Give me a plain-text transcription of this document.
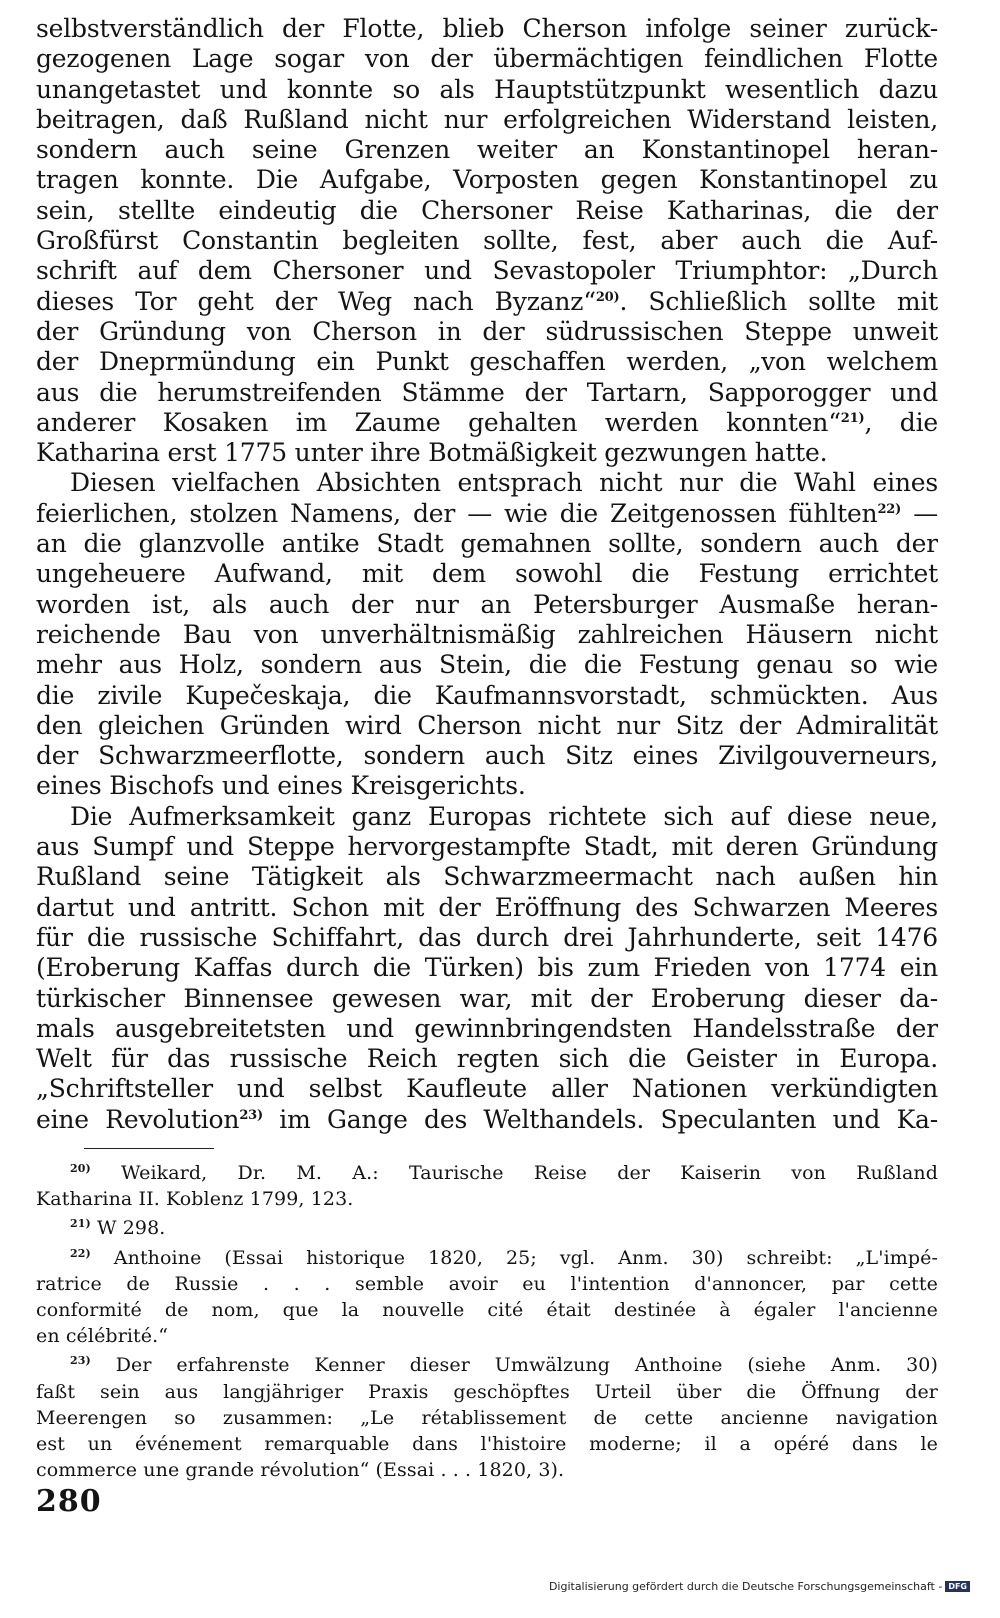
selbstverständlich der Flotte, blieb Cherson infolge seiner zurück-
gezogenen Lage sogar von der übermächtigen feindlichen Flotte
unangetastet und konnte so als Hauptstützpunkt wesentlich dazu
beitragen, daß Rußland nicht nur erfolgreichen Widerstand leisten,
sondern auch seine Grenzen weiter an Konstantinopel heran-
tragen konnte. Die Aufgabe, Vorposten gegen Konstantinopel zu
sein, stellte eindeutig die Chersoner Reise Katharinas, die der
Großfürst Constantin begleiten sollte, fest, aber auch die Auf-
schrift auf dem Chersoner und Sevastopoler Triumphtor: „Durch
dieses Tor geht der Weg nach Byzanz“$^{20)}$. Schließlich sollte mit
der Gründung von Cherson in der südrussischen Steppe unweit
der Dneprmündung ein Punkt geschaffen werden, „von welchem
aus die herumstreifenden Stämme der Tartarn, Sapporogger und
anderer Kosaken im Zaume gehalten werden konnten“$^{21)}$, die
Katharina erst 1775 unter ihre Botmäßigkeit gezwungen hatte.
Diesen vielfachen Absichten entsprach nicht nur die Wahl eines
feierlichen, stolzen Namens, der — wie die Zeitgenossen fühlten$^{22)}$ —
an die glanzvolle antike Stadt gemahnen sollte, sondern auch der
ungeheuere Aufwand, mit dem sowohl die Festung errichtet
worden ist, als auch der nur an Petersburger Ausmaße heran-
reichende Bau von unverhältnismäßig zahlreichen Häusern nicht
mehr aus Holz, sondern aus Stein, die die Festung genau so wie
die zivile Kupečeskaja, die Kaufmannsvorstadt, schmückten. Aus
den gleichen Gründen wird Cherson nicht nur Sitz der Admiralität
der Schwarzmeerflotte, sondern auch Sitz eines Zivilgouverneurs,
eines Bischofs und eines Kreisgerichts.
Die Aufmerksamkeit ganz Europas richtete sich auf diese neue,
aus Sumpf und Steppe hervorgestampfte Stadt, mit deren Gründung
Rußland seine Tätigkeit als Schwarzmeermacht nach außen hin
dartut und antritt. Schon mit der Eröffnung des Schwarzen Meeres
für die russische Schiffahrt, das durch drei Jahrhunderte, seit 1476
(Eroberung Kaffas durch die Türken) bis zum Frieden von 1774 ein
türkischer Binnensee gewesen war, mit der Eroberung dieser da-
mals ausgebreitetsten und gewinnbringendsten Handelsstraße der
Welt für das russische Reich regten sich die Geister in Europa.
„Schriftsteller und selbst Kaufleute aller Nationen verkündigten
eine Revolution$^{23)}$ im Gange des Welthandels. Speculanten und Ka-
$^{20)}$ Weikard, Dr. M. A.: Taurische Reise der Kaiserin von Rußland
Katharina II. Koblenz 1799, 123.
$^{21)}$ W 298.
$^{22)}$ Anthoine (Essai historique 1820, 25; vgl. Anm. 30) schreibt: „L'impé-
ratrice de Russie . . . semble avoir eu l'intention d'annoncer, par cette
conformité de nom, que la nouvelle cité était destinée à égaler l'ancienne
en célébrité.“
$^{23)}$ Der erfahrenste Kenner dieser Umwälzung Anthoine (siehe Anm. 30)
faßt sein aus langjähriger Praxis geschöpftes Urteil über die Öffnung der
Meerengen so zusammen: „Le rétablissement de cette ancienne navigation
est un événement remarquable dans l'histoire moderne; il a opéré dans le
commerce une grande révolution“ (Essai . . . 1820, 3).
280
Digitalisierung gefördert durch die Deutsche Forschungsgemeinschaft - DFG
